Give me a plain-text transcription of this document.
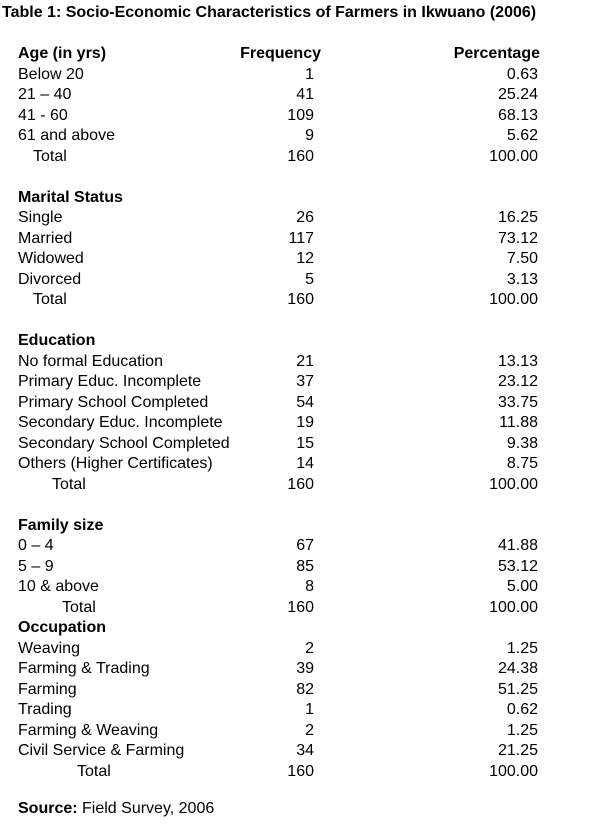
Table 1: Socio-Economic Characteristics of Farmers in Ikwuano (2006)
Age (in yrs)	Frequency	Percentage
Below 20	1	0.63
21 – 40	41	25.24
41 - 60	109	68.13
61 and above	9	5.62
Total	160	100.00
Marital Status
Single	26	16.25
Married	117	73.12
Widowed	12	7.50
Divorced	5	3.13
Total	160	100.00
Education
No formal Education	21	13.13
Primary Educ. Incomplete	37	23.12
Primary School Completed	54	33.75
Secondary Educ. Incomplete	19	11.88
Secondary School Completed	15	9.38
Others (Higher Certificates)	14	8.75
Total	160	100.00
Family size
0 – 4	67	41.88
5 – 9	85	53.12
10 & above	8	5.00
Total	160	100.00
Occupation
Weaving	2	1.25
Farming & Trading	39	24.38
Farming	82	51.25
Trading	1	0.62
Farming & Weaving	2	1.25
Civil Service & Farming	34	21.25
Total	160	100.00
Source: Field Survey, 2006
